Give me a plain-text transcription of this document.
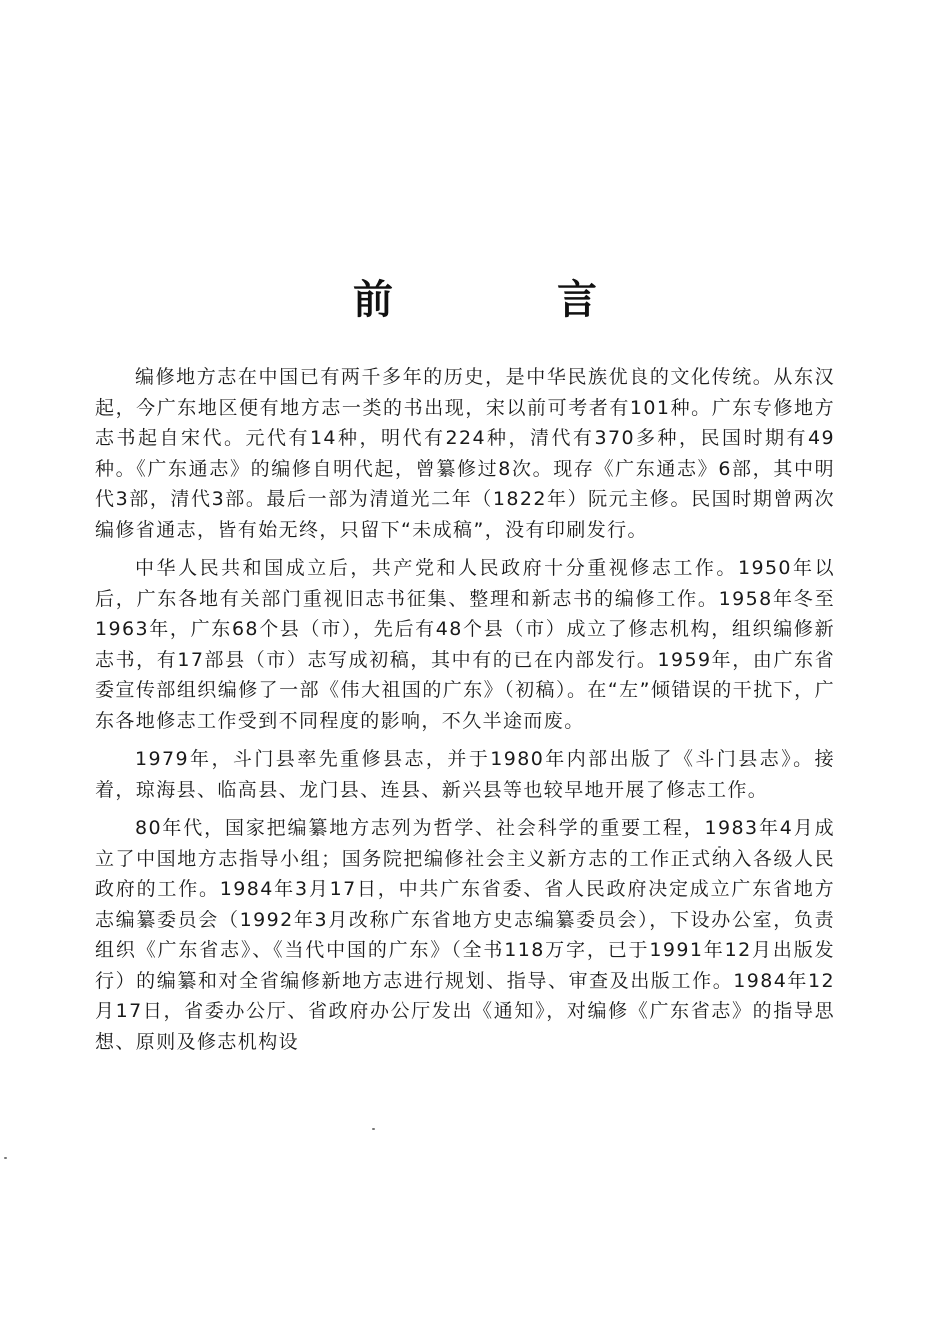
前　言

编修地方志在中国已有两千多年的历史，是中华民族优良的文化传统。从东汉起，今广东地区便有地方志一类的书出现，宋以前可考者有101种。广东专修地方志书起自宋代。元代有14种，明代有224种，清代有370多种，民国时期有49种。《广东通志》的编修自明代起，曾纂修过8次。现存《广东通志》6部，其中明代3部，清代3部。最后一部为清道光二年（1822年）阮元主修。民国时期曾两次编修省通志，皆有始无终，只留下“未成稿”，没有印刷发行。

中华人民共和国成立后，共产党和人民政府十分重视修志工作。1950年以后，广东各地有关部门重视旧志书征集、整理和新志书的编修工作。1958年冬至1963年，广东68个县（市），先后有48个县（市）成立了修志机构，组织编修新志书，有17部县（市）志写成初稿，其中有的已在内部发行。1959年，由广东省委宣传部组织编修了一部《伟大祖国的广东》（初稿）。在“左”倾错误的干扰下，广东各地修志工作受到不同程度的影响，不久半途而废。

1979年，斗门县率先重修县志，并于1980年内部出版了《斗门县志》。接着，琼海县、临高县、龙门县、连县、新兴县等也较早地开展了修志工作。

80年代，国家把编纂地方志列为哲学、社会科学的重要工程，1983年4月成立了中国地方志指导小组；国务院把编修社会主义新方志的工作正式纳入各级人民政府的工作。1984年3月17日，中共广东省委、省人民政府决定成立广东省地方志编纂委员会（1992年3月改称广东省地方史志编纂委员会），下设办公室，负责组织《广东省志》、《当代中国的广东》（全书118万字，已于1991年12月出版发行）的编纂和对全省编修新地方志进行规划、指导、审查及出版工作。1984年12月17日，省委办公厅、省政府办公厅发出《通知》，对编修《广东省志》的指导思想、原则及修志机构设
